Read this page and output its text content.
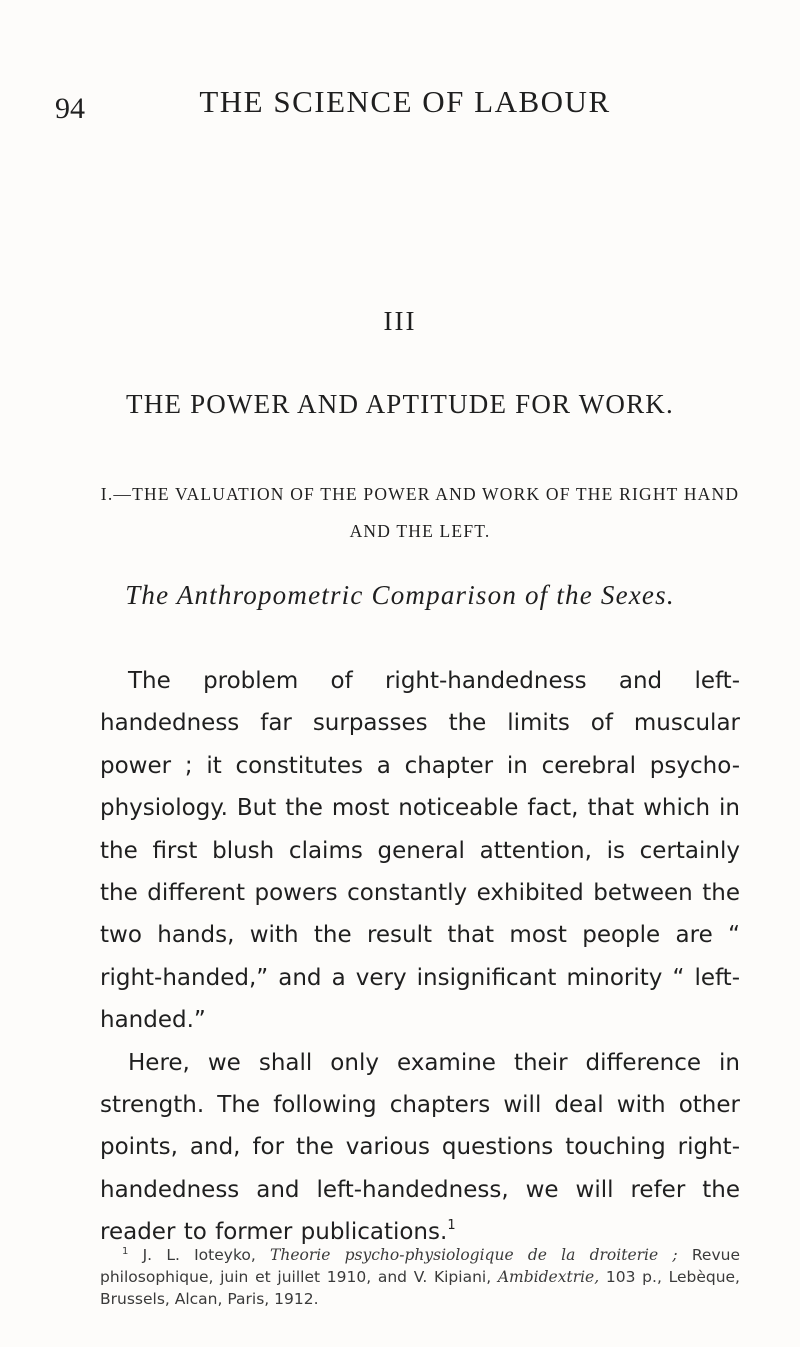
94	THE SCIENCE OF LABOUR
III
THE POWER AND APTITUDE FOR WORK.
I.—THE VALUATION OF THE POWER AND WORK OF THE RIGHT HAND AND THE LEFT.
The Anthropometric Comparison of the Sexes.

The problem of right-handedness and left-handedness far surpasses the limits of muscular power ; it constitutes a chapter in cerebral psycho-physiology. But the most noticeable fact, that which in the first blush claims general attention, is certainly the different powers constantly exhibited between the two hands, with the result that most people are “ right-handed,” and a very insignificant minority “ left-handed.”

Here, we shall only examine their difference in strength. The following chapters will deal with other points, and, for the various questions touching right-handedness and left-handedness, we will refer the reader to former publications.$^1$

$^1$ J. L. Ioteyko, Theorie psycho-physiologique de la droiterie ; Revue philosophique, juin et juillet 1910, and V. Kipiani, Ambidextrie, 103 p., Lebèque, Brussels, Alcan, Paris, 1912.
